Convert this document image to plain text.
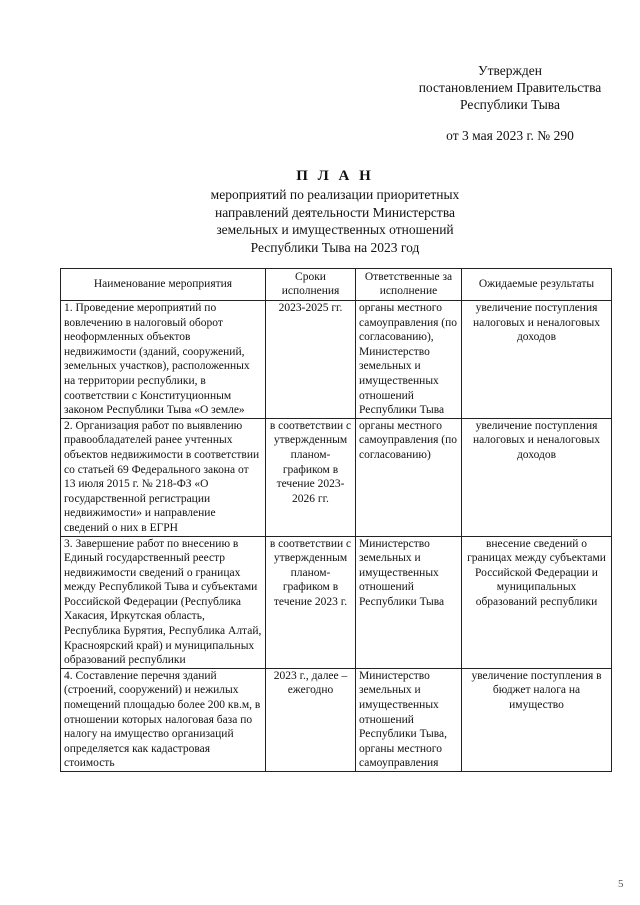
Утвержден
постановлением Правительства
Республики Тыва
от 3 мая 2023 г. № 290
П Л А Н
мероприятий по реализации приоритетных
направлений деятельности Министерства
земельных и имущественных отношений
Республики Тыва на 2023 год
Наименование мероприятия	Сроки исполнения	Ответственные за исполнение	Ожидаемые результаты
1. Проведение мероприятий по вовлечению в налоговый оборот неоформленных объектов недвижимости (зданий, сооружений, земельных участков), расположенных на территории республики, в соответствии с Конституционным законом Республики Тыва «О земле»	2023-2025 гг.	органы местного самоуправления (по согласованию), Министерство земельных и имущественных отношений Республики Тыва	увеличение поступления налоговых и неналоговых доходов
2. Организация работ по выявлению правообладателей ранее учтенных объектов недвижимости в соответствии со статьей 69 Федерального закона от 13 июля 2015 г. № 218-ФЗ «О государственной регистрации недвижимости» и направление сведений о них в ЕГРН	в соответствии с утвержденным планом-графиком в течение 2023-2026 гг.	органы местного самоуправления (по согласованию)	увеличение поступления налоговых и неналоговых доходов
3. Завершение работ по внесению в Единый государственный реестр недвижимости сведений о границах между Республикой Тыва и субъектами Российской Федерации (Республика Хакасия, Иркутская область, Республика Бурятия, Республика Алтай, Красноярский край) и муниципальных образований республики	в соответствии с утвержденным планом-графиком в течение 2023 г.	Министерство земельных и имущественных отношений Республики Тыва	внесение сведений о границах между субъектами Российской Федерации и муниципальных образований республики
4. Составление перечня зданий (строений, сооружений) и нежилых помещений площадью более 200 кв.м, в отношении которых налоговая база по налогу на имущество организаций определяется как кадастровая стоимость	2023 г., далее – ежегодно	Министерство земельных и имущественных отношений Республики Тыва, органы местного самоуправления	увеличение поступления в бюджет налога на имущество
5
